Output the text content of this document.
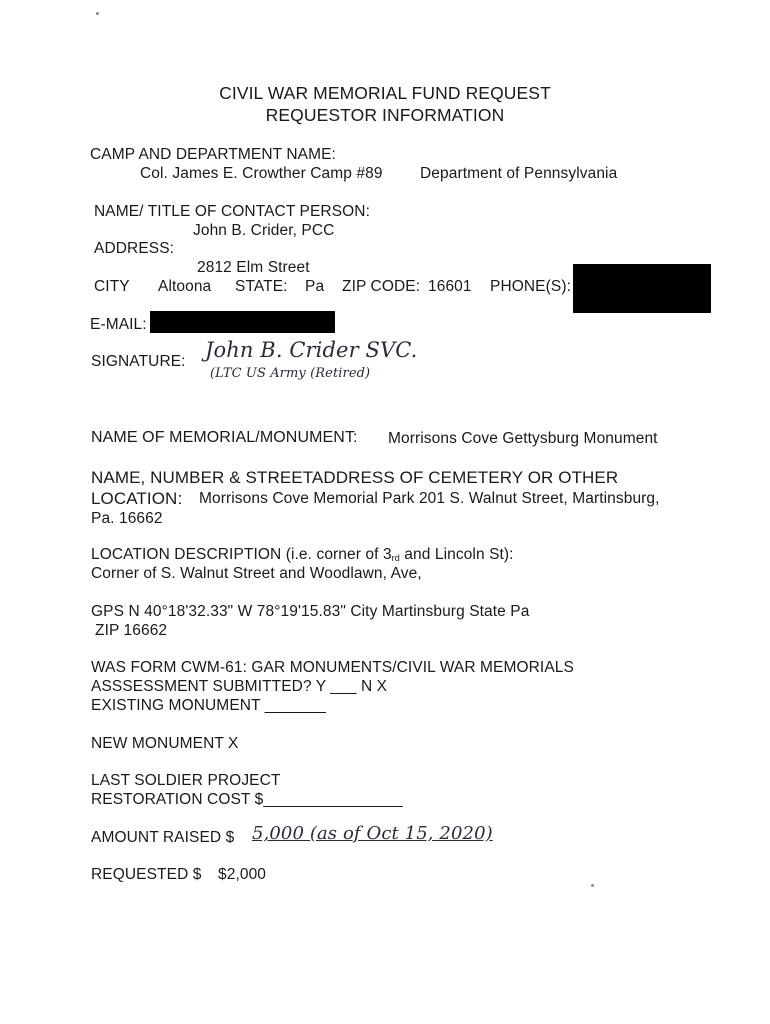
CIVIL WAR MEMORIAL FUND REQUEST
REQUESTOR INFORMATION
CAMP AND DEPARTMENT NAME:
Col. James E. Crowther Camp #89 Department of Pennsylvania
NAME/ TITLE OF CONTACT PERSON:
John B. Crider, PCC
ADDRESS:
2812 Elm Street
CITY Altoona STATE: Pa ZIP CODE: 16601 PHONE(S):
E-MAIL:
SIGNATURE: John B. Crider SVC.
(LTC US Army (Retired)
NAME OF MEMORIAL/MONUMENT: Morrisons Cove Gettysburg Monument
NAME, NUMBER & STREETADDRESS OF CEMETERY OR OTHER
LOCATION: Morrisons Cove Memorial Park 201 S. Walnut Street, Martinsburg,
Pa. 16662
LOCATION DESCRIPTION (i.e. corner of $3_{rd}$ and Lincoln St):
Corner of S. Walnut Street and Woodlawn, Ave,
GPS N 40°18'32.33" W 78°19'15.83" City Martinsburg State Pa
ZIP 16662
WAS FORM CWM-61: GAR MONUMENTS/CIVIL WAR MEMORIALS
ASSSESSMENT SUBMITTED? Y ___ N X
EXISTING MONUMENT _______
NEW MONUMENT X
LAST SOLDIER PROJECT
RESTORATION COST $________________
AMOUNT RAISED $ 5,000 (as of Oct 15, 2020)
REQUESTED $ $2,000
